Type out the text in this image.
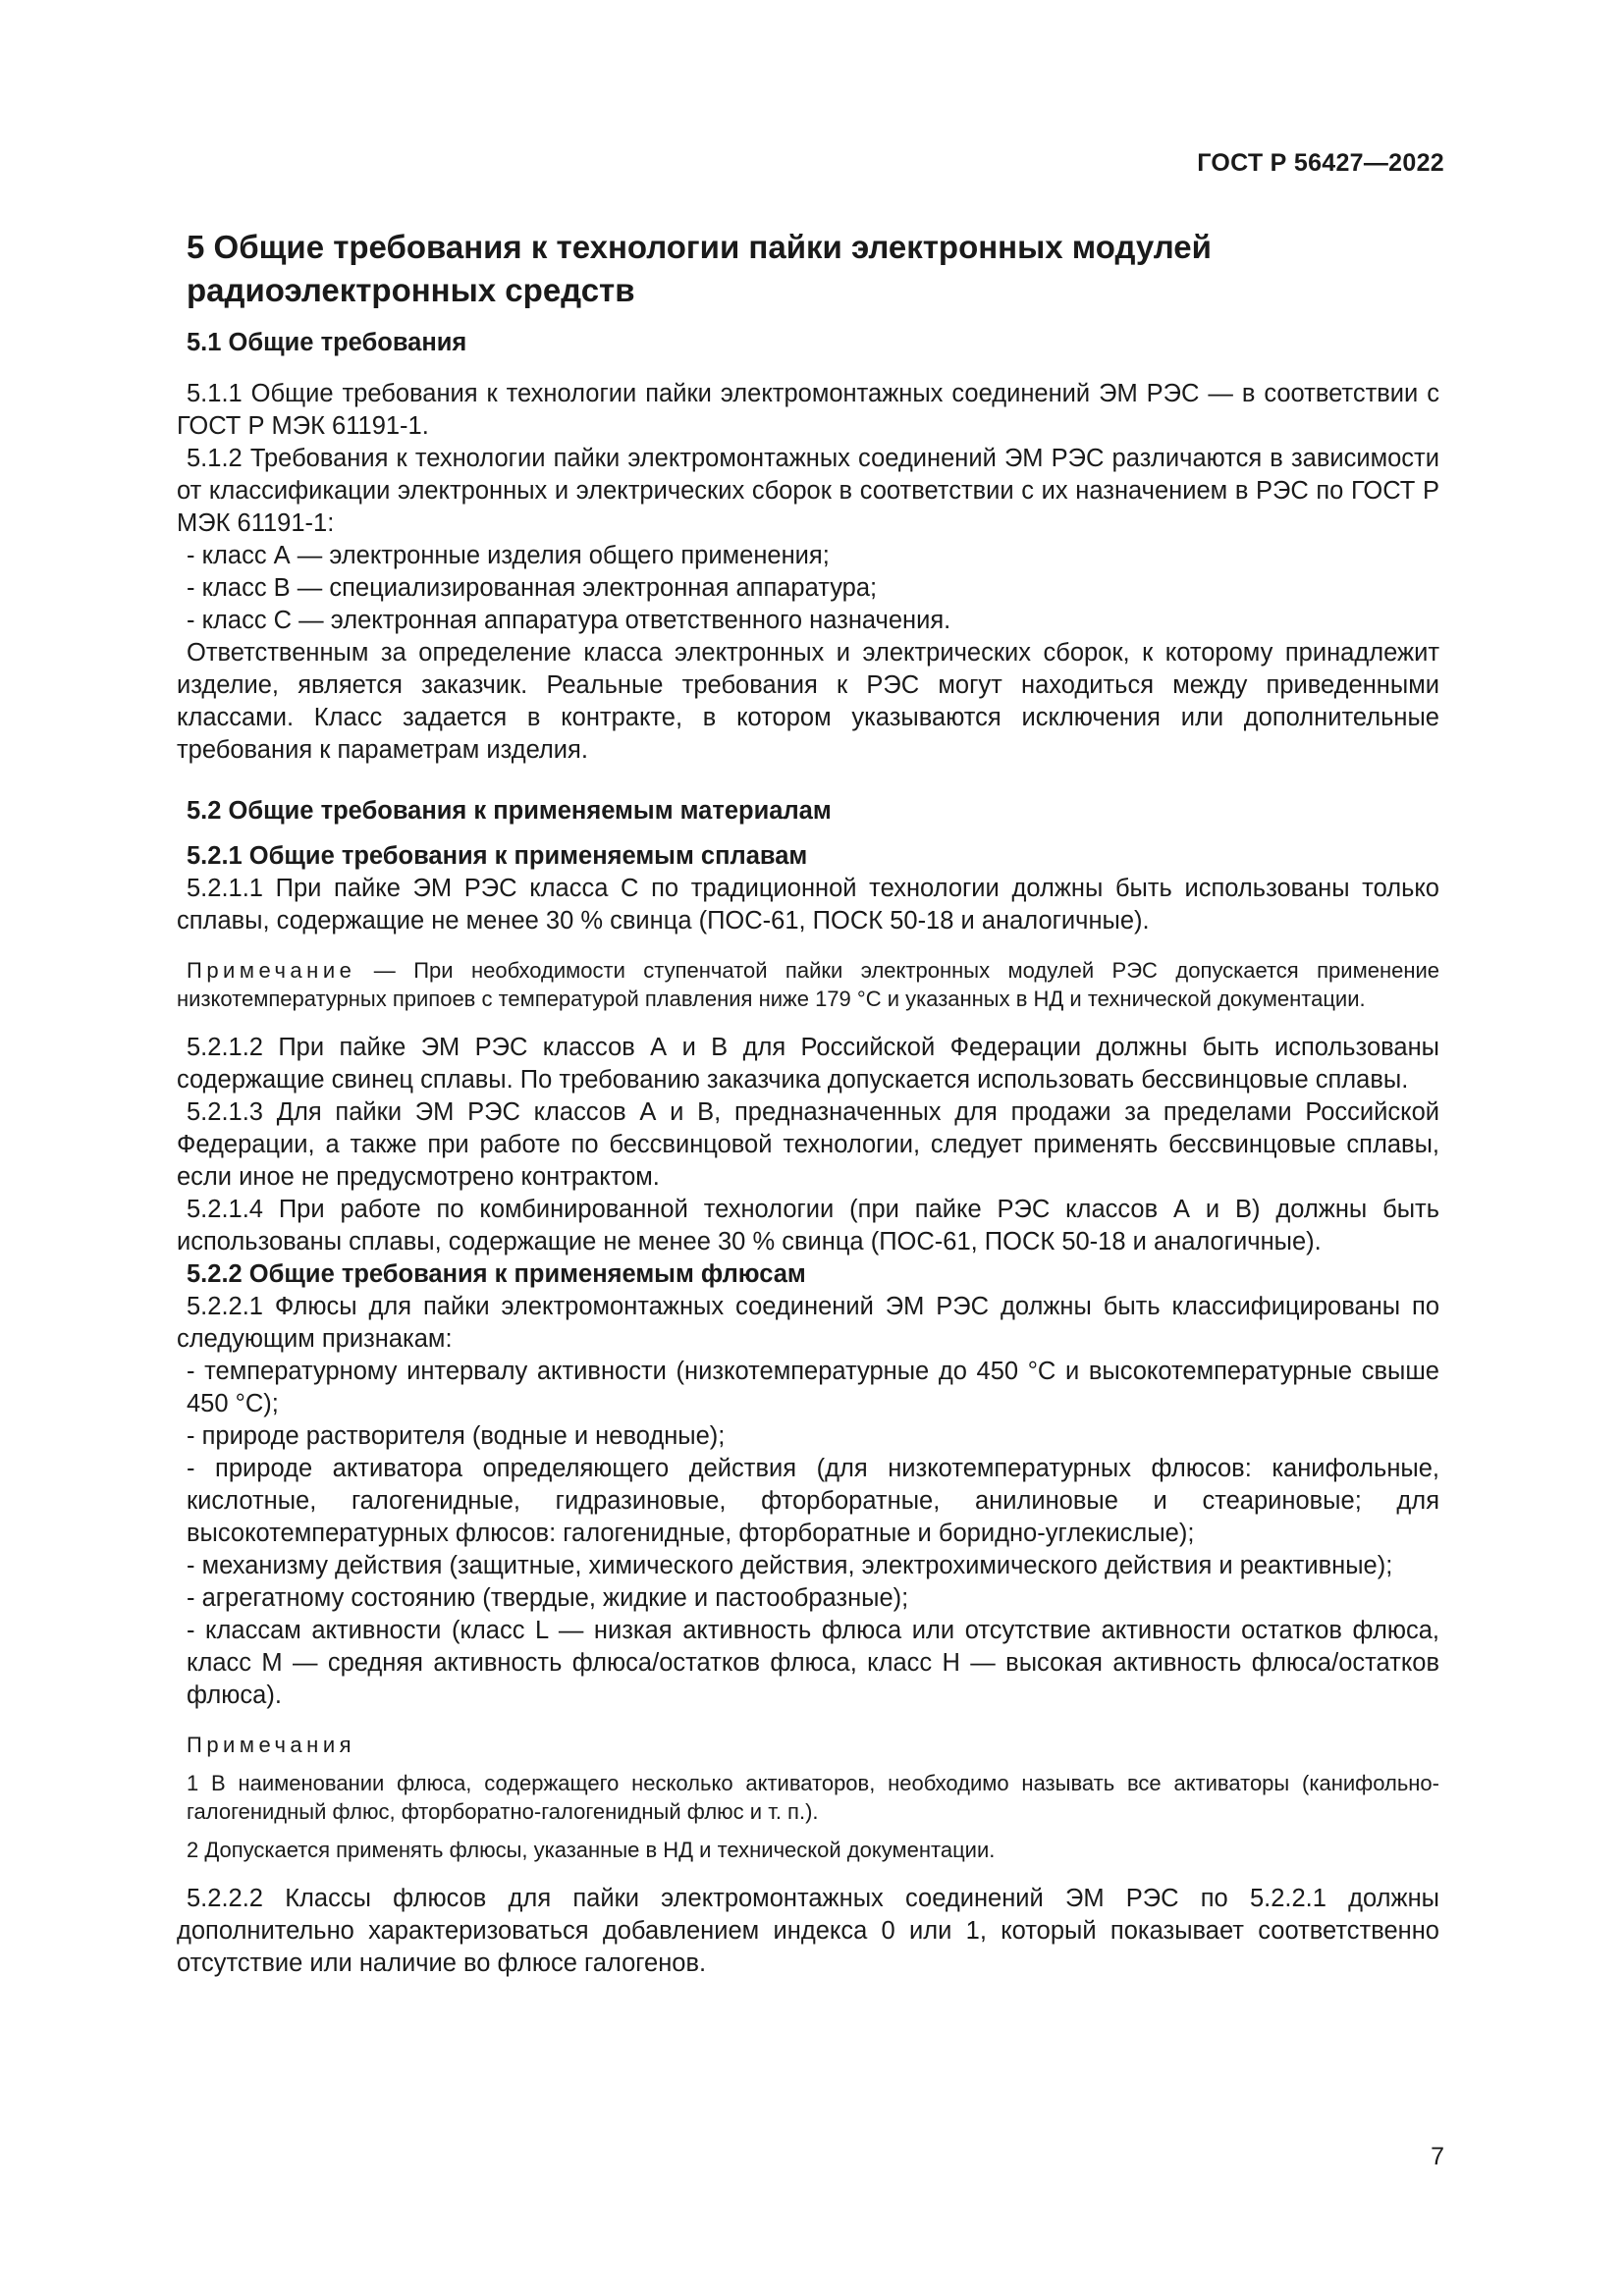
ГОСТ Р 56427—2022
5 Общие требования к технологии пайки электронных модулей радиоэлектронных средств
5.1 Общие требования

5.1.1 Общие требования к технологии пайки электромонтажных соединений ЭМ РЭС — в соответствии с ГОСТ Р МЭК 61191-1.

5.1.2 Требования к технологии пайки электромонтажных соединений ЭМ РЭС различаются в зависимости от классификации электронных и электрических сборок в соответствии с их назначением в РЭС по ГОСТ Р МЭК 61191-1:

- класс А — электронные изделия общего применения;

- класс В — специализированная электронная аппаратура;

- класс С — электронная аппаратура ответственного назначения.

Ответственным за определение класса электронных и электрических сборок, к которому принадлежит изделие, является заказчик. Реальные требования к РЭС могут находиться между приведенными классами. Класс задается в контракте, в котором указываются исключения или дополнительные требования к параметрам изделия.

5.2 Общие требования к применяемым материалам
5.2.1 Общие требования к применяемым сплавам

5.2.1.1 При пайке ЭМ РЭС класса С по традиционной технологии должны быть использованы только сплавы, содержащие не менее 30 % свинца (ПОС-61, ПОСК 50-18 и аналогичные).

Примечание — При необходимости ступенчатой пайки электронных модулей РЭС допускается применение низкотемпературных припоев с температурой плавления ниже 179 °С и указанных в НД и технической документации.

5.2.1.2 При пайке ЭМ РЭС классов А и В для Российской Федерации должны быть использованы содержащие свинец сплавы. По требованию заказчика допускается использовать бессвинцовые сплавы.

5.2.1.3 Для пайки ЭМ РЭС классов А и В, предназначенных для продажи за пределами Российской Федерации, а также при работе по бессвинцовой технологии, следует применять бессвинцовые сплавы, если иное не предусмотрено контрактом.

5.2.1.4 При работе по комбинированной технологии (при пайке РЭС классов А и В) должны быть использованы сплавы, содержащие не менее 30 % свинца (ПОС-61, ПОСК 50-18 и аналогичные).

5.2.2 Общие требования к применяемым флюсам

5.2.2.1 Флюсы для пайки электромонтажных соединений ЭМ РЭС должны быть классифицированы по следующим признакам:

- температурному интервалу активности (низкотемпературные до 450 °С и высокотемпературные свыше 450 °С);

- природе растворителя (водные и неводные);

- природе активатора определяющего действия (для низкотемпературных флюсов: канифольные, кислотные, галогенидные, гидразиновые, фторборатные, анилиновые и стеариновые; для высокотемпературных флюсов: галогенидные, фторборатные и боридно-углекислые);

- механизму действия (защитные, химического действия, электрохимического действия и реактивные);

- агрегатному состоянию (твердые, жидкие и пастообразные);

- классам активности (класс L — низкая активность флюса или отсутствие активности остатков флюса, класс М — средняя активность флюса/остатков флюса, класс Н — высокая активность флюса/остатков флюса).

Примечания

1 В наименовании флюса, содержащего несколько активаторов, необходимо называть все активаторы (канифольно-галогенидный флюс, фторборатно-галогенидный флюс и т. п.).

2 Допускается применять флюсы, указанные в НД и технической документации.

5.2.2.2 Классы флюсов для пайки электромонтажных соединений ЭМ РЭС по 5.2.2.1 должны дополнительно характеризоваться добавлением индекса 0 или 1, который показывает соответственно отсутствие или наличие во флюсе галогенов.

7
